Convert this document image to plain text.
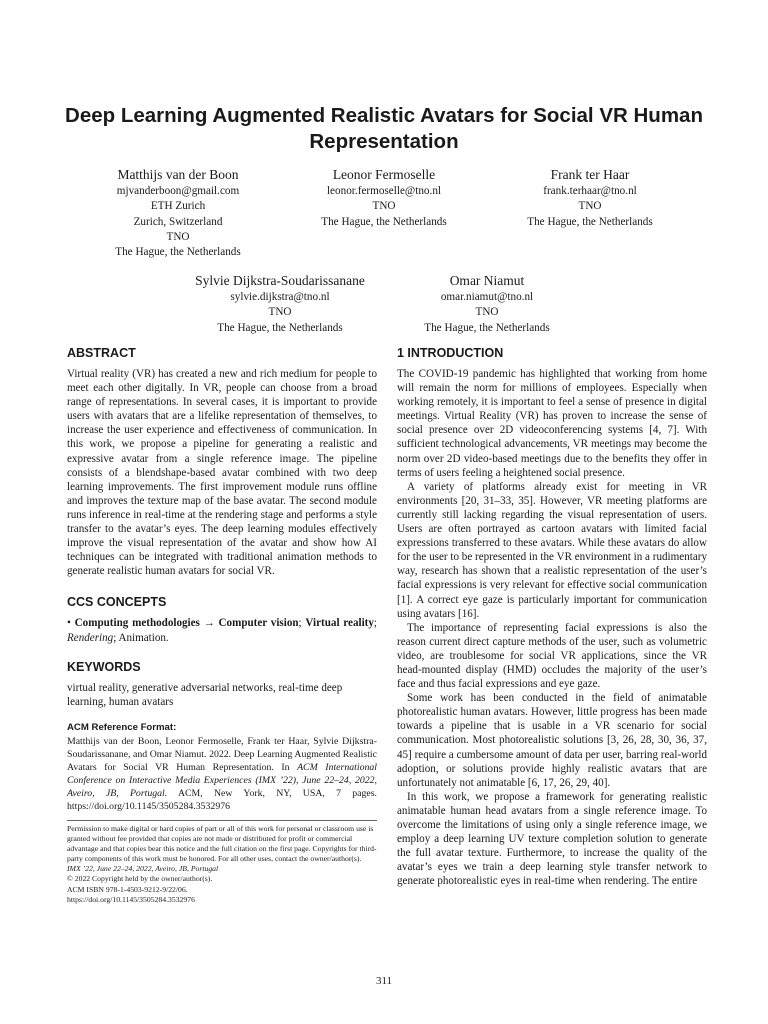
Deep Learning Augmented Realistic Avatars for Social VR Human Representation
Matthijs van der Boon
mjvanderboon@gmail.com
ETH Zurich
Zurich, Switzerland
TNO
The Hague, the Netherlands
Leonor Fermoselle
leonor.fermoselle@tno.nl
TNO
The Hague, the Netherlands
Frank ter Haar
frank.terhaar@tno.nl
TNO
The Hague, the Netherlands
Sylvie Dijkstra-Soudarissanane
sylvie.dijkstra@tno.nl
TNO
The Hague, the Netherlands
Omar Niamut
omar.niamut@tno.nl
TNO
The Hague, the Netherlands
ABSTRACT

Virtual reality (VR) has created a new and rich medium for people to meet each other digitally. In VR, people can choose from a broad range of representations. In several cases, it is important to provide users with avatars that are a lifelike representation of themselves, to increase the user experience and effectiveness of communication. In this work, we propose a pipeline for generating a realistic and expressive avatar from a single reference image. The pipeline consists of a blendshape-based avatar combined with two deep learning improvements. The first improvement module runs offline and improves the texture map of the base avatar. The second module runs inference in real-time at the rendering stage and performs a style transfer to the avatar’s eyes. The deep learning modules effectively improve the visual representation of the avatar and show how AI techniques can be integrated with traditional animation methods to generate realistic human avatars for social VR.

CCS CONCEPTS

• Computing methodologies → Computer vision; Virtual reality; Rendering; Animation.

KEYWORDS

virtual reality, generative adversarial networks, real-time deep learning, human avatars

ACM Reference Format:
Matthijs van der Boon, Leonor Fermoselle, Frank ter Haar, Sylvie Dijkstra-Soudarissanane, and Omar Niamut. 2022. Deep Learning Augmented Realistic Avatars for Social VR Human Representation. In ACM International Conference on Interactive Media Experiences (IMX ’22), June 22–24, 2022, Aveiro, JB, Portugal. ACM, New York, NY, USA, 7 pages. https://doi.org/10.1145/3505284.3532976

Permission to make digital or hard copies of part or all of this work for personal or classroom use is granted without fee provided that copies are not made or distributed for profit or commercial advantage and that copies bear this notice and the full citation on the first page. Copyrights for third-party components of this work must be honored. For all other uses, contact the owner/author(s).

IMX ’22, June 22–24, 2022, Aveiro, JB, Portugal

© 2022 Copyright held by the owner/author(s).

ACM ISBN 978-1-4503-9212-9/22/06.

https://doi.org/10.1145/3505284.3532976

1 INTRODUCTION

The COVID-19 pandemic has highlighted that working from home will remain the norm for millions of employees. Especially when working remotely, it is important to feel a sense of presence in digital meetings. Virtual Reality (VR) has proven to increase the sense of social presence over 2D videoconferencing systems [4, 7]. With sufficient technological advancements, VR meetings may become the norm over 2D video-based meetings due to the benefits they offer in terms of users feeling a heightened social presence.

A variety of platforms already exist for meeting in VR environments [20, 31–33, 35]. However, VR meeting platforms are currently still lacking regarding the visual representation of users. Users are often portrayed as cartoon avatars with limited facial expressions transferred to these avatars. While these avatars do allow for the user to be represented in the VR environment in a rudimentary way, research has shown that a realistic representation of the user’s facial expressions is very relevant for effective social communication [1]. A correct eye gaze is particularly important for communication using avatars [16].

The importance of representing facial expressions is also the reason current direct capture methods of the user, such as volumetric video, are troublesome for social VR applications, since the VR head-mounted display (HMD) occludes the majority of the user’s face and thus facial expressions and eye gaze.

Some work has been conducted in the field of animatable photorealistic human avatars. However, little progress has been made towards a pipeline that is usable in a VR scenario for social communication. Most photorealistic solutions [3, 26, 28, 30, 36, 37, 45] require a cumbersome amount of data per user, barring real-world adoption, or solutions provide highly realistic avatars that are unfortunately not animatable [6, 17, 26, 29, 40].

In this work, we propose a framework for generating realistic animatable human head avatars from a single reference image. To overcome the limitations of using only a single reference image, we employ a deep learning UV texture completion solution to generate the full avatar texture. Furthermore, to increase the quality of the avatar’s eyes we train a deep learning style transfer network to generate photorealistic eyes in real-time when rendering. The entire

311
